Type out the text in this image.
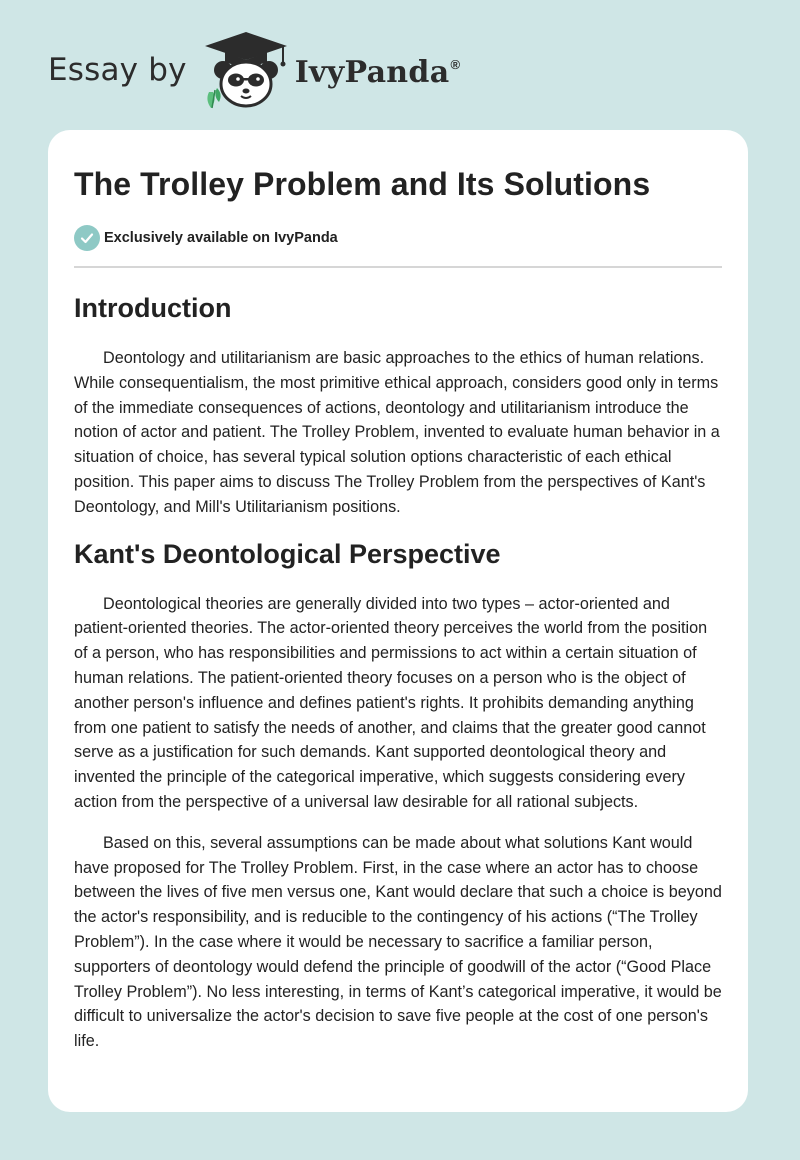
Essay by	IvyPanda®
The Trolley Problem and Its Solutions
Exclusively available on IvyPanda
Introduction

Deontology and utilitarianism are basic approaches to the ethics of human relations. While consequentialism, the most primitive ethical approach, considers good only in terms of the immediate consequences of actions, deontology and utilitarianism introduce the notion of actor and patient. The Trolley Problem, invented to evaluate human behavior in a situation of choice, has several typical solution options characteristic of each ethical position. This paper aims to discuss The Trolley Problem from the perspectives of Kant's Deontology, and Mill's Utilitarianism positions.

Kant's Deontological Perspective

Deontological theories are generally divided into two types – actor-oriented and patient-oriented theories. The actor-oriented theory perceives the world from the position of a person, who has responsibilities and permissions to act within a certain situation of human relations. The patient-oriented theory focuses on a person who is the object of another person's influence and defines patient's rights. It prohibits demanding anything from one patient to satisfy the needs of another, and claims that the greater good cannot serve as a justification for such demands. Kant supported deontological theory and invented the principle of the categorical imperative, which suggests considering every action from the perspective of a universal law desirable for all rational subjects.

Based on this, several assumptions can be made about what solutions Kant would have proposed for The Trolley Problem. First, in the case where an actor has to choose between the lives of five men versus one, Kant would declare that such a choice is beyond the actor's responsibility, and is reducible to the contingency of his actions (“The Trolley Problem”). In the case where it would be necessary to sacrifice a familiar person, supporters of deontology would defend the principle of goodwill of the actor (“Good Place Trolley Problem”). No less interesting, in terms of Kant’s categorical imperative, it would be difficult to universalize the actor's decision to save five people at the cost of one person's life.
